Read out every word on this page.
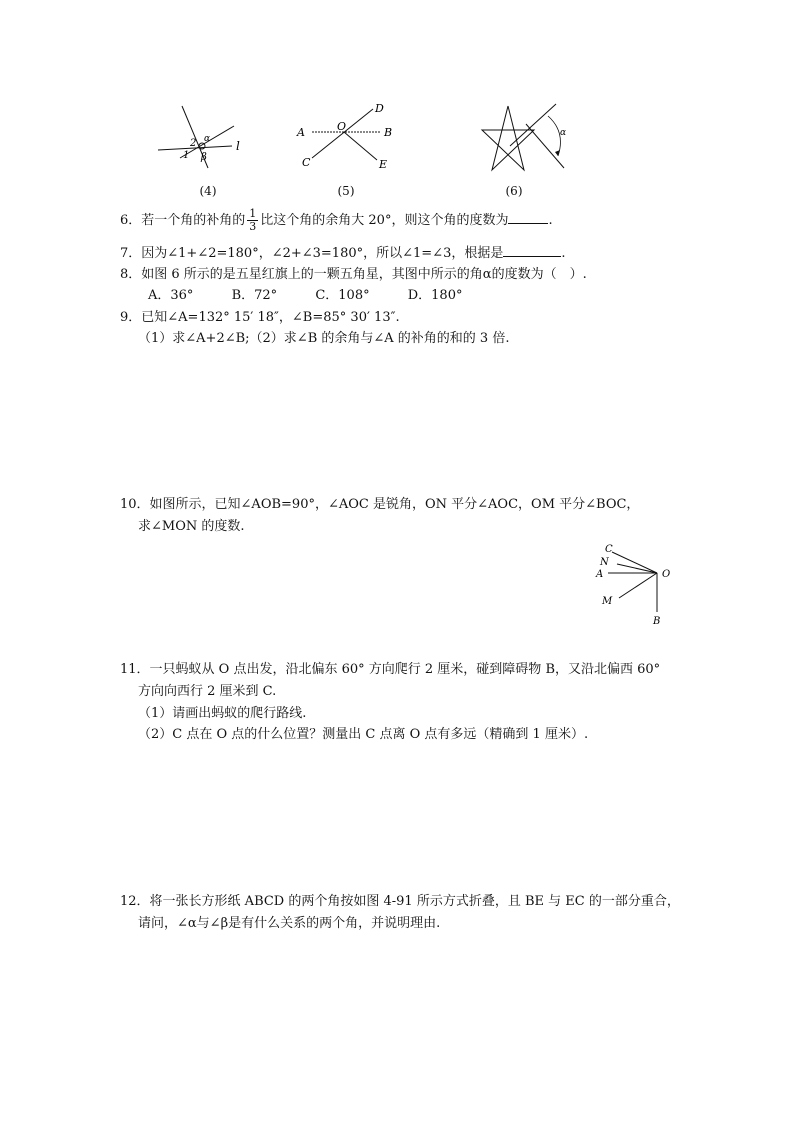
2
1
α
β
l
(4)
A	O	B
C
D
E
(5)
α
(6)
6．若一个角的补角的 $\frac{1}{3}$ 比这个角的余角大 20°，则这个角的度数为	.
7．因为∠1+∠2=180°，∠2+∠3=180°，所以∠1=∠3，根据是	.
8．如图 6 所示的是五星红旗上的一颗五角星，其图中所示的角α的度数为（　）.
A．36°	B．72°	C．108°	D．180°
9．已知∠A=132° 15′ 18″，∠B=85° 30′ 13″.
（1）求∠A+2∠B;（2）求∠B 的余角与∠A 的补角的和的 3 倍.
10．如图所示，已知∠AOB=90°，∠AOC 是锐角，ON 平分∠AOC，OM 平分∠BOC，
求∠MON 的度数.
C
N
A	O
M
B
11．一只蚂蚁从 O 点出发，沿北偏东 60° 方向爬行 2 厘米，碰到障碍物 B，又沿北偏西 60°
方向向西行 2 厘米到 C.
（1）请画出蚂蚁的爬行路线.
（2）C 点在 O 点的什么位置？测量出 C 点离 O 点有多远（精确到 1 厘米）.
12．将一张长方形纸 ABCD 的两个角按如图 4-91 所示方式折叠，且 BE 与 EC 的一部分重合，
请问，∠α与∠β是有什么关系的两个角，并说明理由.
